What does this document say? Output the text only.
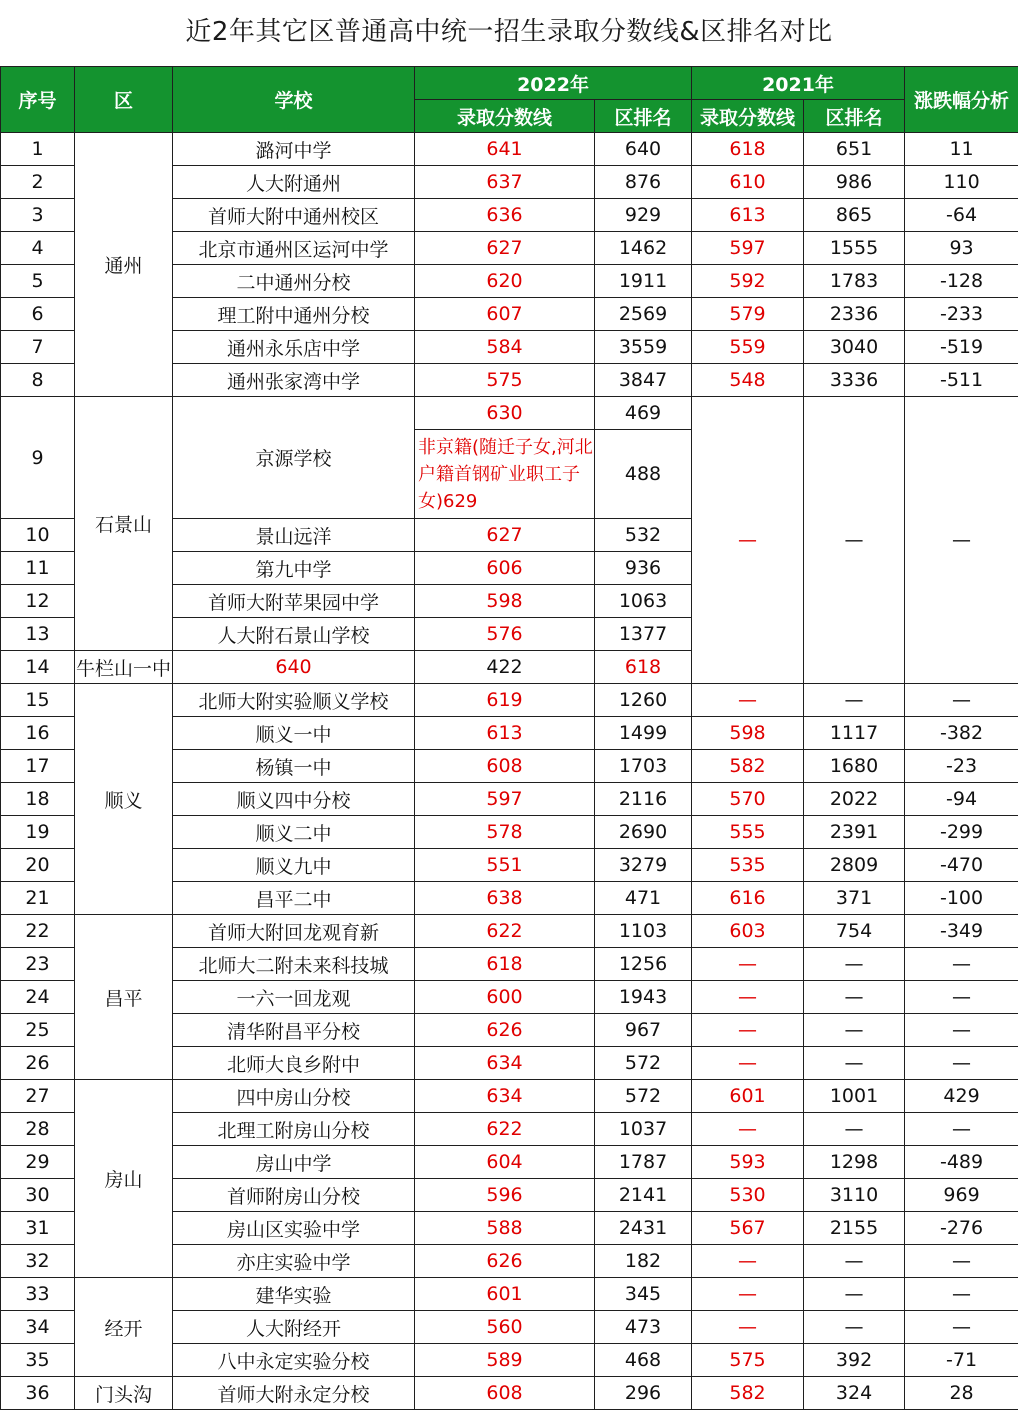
近2年其它区普通高中统一招生录取分数线&区排名对比
序号	区	学校	2022年		2021年		涨跌幅分析	
			录取分数线	区排名	录取分数线	区排名		
1	通州	潞河中学	641	640	618	651	11	
2		人大附通州	637	876	610	986	110	
3		首师大附中通州校区	636	929	613	865	-64	
4		北京市通州区运河中学	627	1462	597	1555	93	
5		二中通州分校	620	1911	592	1783	-128	
6		理工附中通州分校	607	2569	579	2336	-233	
7		通州永乐店中学	584	3559	559	3040	-519	
8		通州张家湾中学	575	3847	548	3336	-511	
9	石景山	京源学校	630	469	—	—	—	
			非京籍(随迁子女,河北户籍首钢矿业职工子女)629	488				
10		景山远洋	627	532				
11		第九中学	606	936				
12		首师大附苹果园中学	598	1063				
13		人大附石景山学校	576	1377				
14	牛栏山一中	640	422	618		
15	顺义	北师大附实验顺义学校	619	1260	—	—	—	
16		顺义一中	613	1499	598	1117	-382	
17		杨镇一中	608	1703	582	1680	-23	
18		顺义四中分校	597	2116	570	2022	-94	
19		顺义二中	578	2690	555	2391	-299	
20		顺义九中	551	3279	535	2809	-470	
21		昌平二中	638	471	616	371	-100	
22	昌平	首师大附回龙观育新	622	1103	603	754	-349	
23		北师大二附未来科技城	618	1256	—	—	—	
24		一六一回龙观	600	1943	—	—	—	
25		清华附昌平分校	626	967	—	—	—	
26		北师大良乡附中	634	572	—	—	—	
27	房山	四中房山分校	634	572	601	1001	429	
28		北理工附房山分校	622	1037	—	—	—	
29		房山中学	604	1787	593	1298	-489	
30		首师附房山分校	596	2141	530	3110	969	
31		房山区实验中学	588	2431	567	2155	-276	
32		亦庄实验中学	626	182	—	—	—	
33	经开	建华实验	601	345	—	—	—	
34		人大附经开	560	473	—	—	—	
35		八中永定实验分校	589	468	575	392	-71	
36	门头沟	首师大附永定分校	608	296	582	324	28	
